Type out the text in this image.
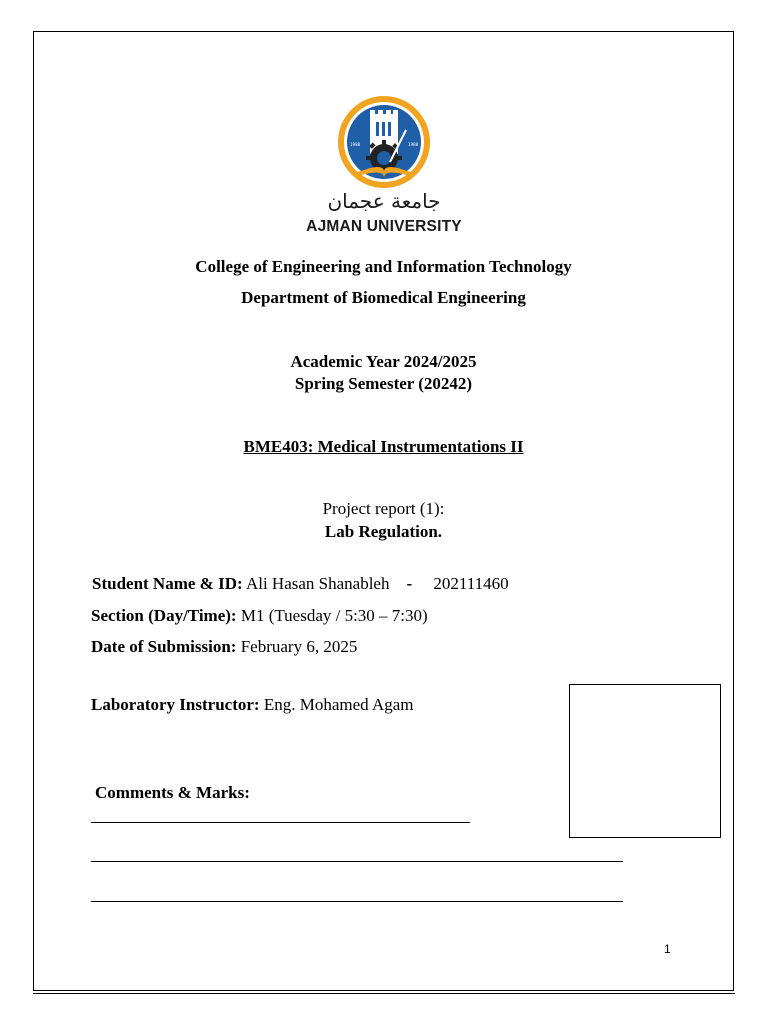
1988	1988
جامعة عجمان
AJMAN UNIVERSITY
College of Engineering and Information Technology
Department of Biomedical Engineering
Academic Year 2024/2025
Spring Semester (20242)
BME403: Medical Instrumentations II
Project report (1):
Lab Regulation.
Student Name & ID: Ali Hasan Shanableh - 202111460
Section (Day/Time): M1 (Tuesday / 5:30 – 7:30)
Date of Submission: February 6, 2025
Laboratory Instructor: Eng. Mohamed Agam
Comments & Marks:
1
